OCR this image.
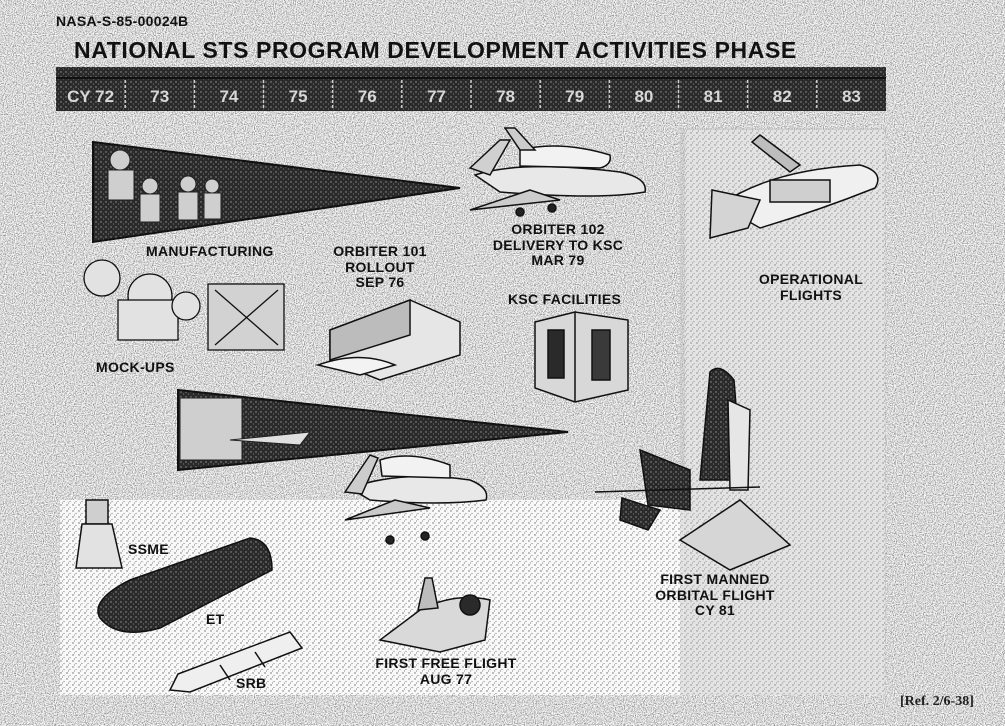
CY 72	73	74	75	76	77	78	79	80	81	82	83
NASA-S-85-00024B
NATIONAL STS PROGRAM DEVELOPMENT ACTIVITIES PHASE
MANUFACTURING	ORBITER 101
ROLLOUT
SEP 76
ORBITER 102
DELIVERY TO KSC
MAR 79
KSC FACILITIES
MOCK-UPS
OPERATIONAL
FLIGHTS
SSME
ET
SRB
FIRST MANNED
ORBITAL FLIGHT
CY 81
FIRST FREE FLIGHT
AUG 77
[Ref. 2/6-38]
